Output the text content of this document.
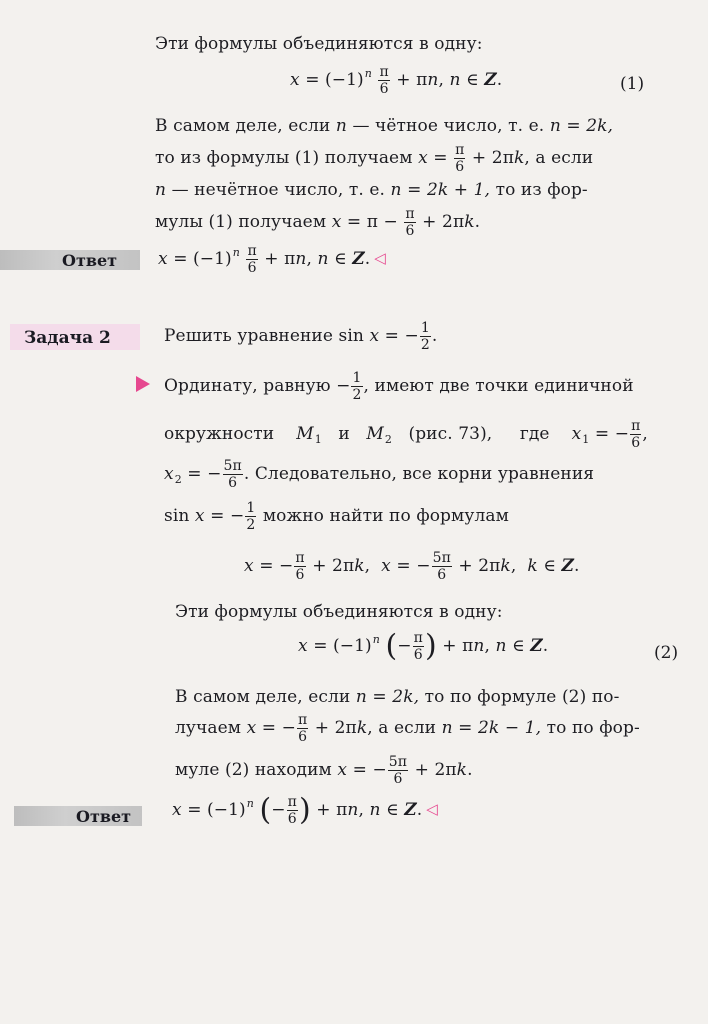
Эти формулы объединяются в одну:
$x = (-1)^n \frac{\pi}{6} + \pi n$, n ∈ Z.	(1)
В самом деле, если n — чётное число, т. е. n = 2k,
то из формулы (1) получаем $x = \frac{\pi}{6} + 2\pi k$, а если
n — нечётное число, т. е. n = 2k + 1, то из фор-
мулы (1) получаем $x = \pi - \frac{\pi}{6} + 2\pi k$.
Ответ $x = (-1)^n \frac{\pi}{6} + \pi n$, n ∈ Z. ◁
Задача 2	Решить уравнение sin x = − $\frac{1}{2}$ .
Ординату, равную − $\frac{1}{2}$ , имеют две точки единичной
окружности $M_1$ и $M_2$ (рис. 73), где $x_1$ = − $\frac{\pi}{6}$ ,
$x_2$ = − $\frac{5\pi}{6}$ . Следовательно, все корни уравнения
sin x = − $\frac{1}{2}$ можно найти по формулам
x = − $\frac{\pi}{6} + 2\pi k$,  x = − $\frac{5\pi}{6} + 2\pi k$,  k ∈ Z.
Эти формулы объединяются в одну:
$x = (-1)^n$ (− $\frac{\pi}{6}$ ) + πn, n ∈ Z.	(2)
В самом деле, если n = 2k, то по формуле (2) по-
лучаем x = − $\frac{\pi}{6} + 2\pi k$, а если n = 2k − 1, то по фор-
муле (2) находим x = − $\frac{5\pi}{6} + 2\pi k$.
Ответ $x = (-1)^n$ (− $\frac{\pi}{6}$ ) + πn, n ∈ Z. ◁
